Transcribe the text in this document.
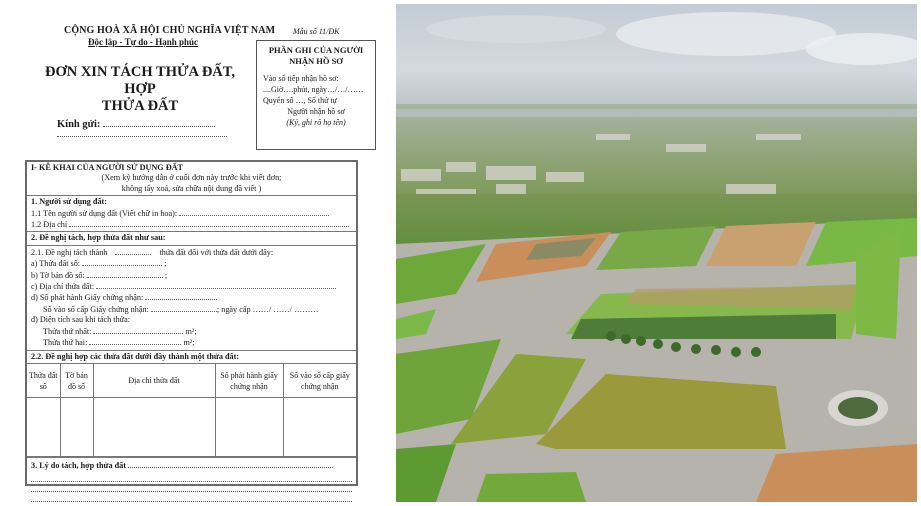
CỘNG HOÀ XÃ HỘI CHỦ NGHĨA VIỆT NAM
Độc lập - Tự do - Hạnh phúc
Mẫu số 11/ĐK
ĐƠN XIN TÁCH THỬA ĐẤT, HỢP
THỬA ĐẤT
Kính gửi:
PHẦN GHI CỦA NGƯỜI NHẬN HỒ SƠ
Vào sổ tiếp nhận hồ sơ:
....Giờ….phút, ngày…/…/……
Quyển số …, Số thứ tự
Người nhận hồ sơ
(Ký, ghi rõ họ tên)
I- KÊ KHAI CỦA NGƯỜI SỬ DỤNG ĐẤT
(Xem kỹ hướng dẫn ở cuối đơn này trước khi viết đơn;
không tẩy xoá, sửa chữa nội dung đã viết )
1. Người sử dụng đất:
1.1 Tên người sử dụng đất (Viết chữ in hoa):
1.2 Địa chỉ
2. Đề nghị tách, hợp thửa đất như sau:
2.1. Đề nghị tách thành	thửa đất đối với thửa đất dưới đây:
a) Thửa đất số:	;
b) Tờ bản đồ số:	;
c) Địa chỉ thửa đất:
d) Số phát hành Giấy chứng nhận:
Số vào sổ cấp Giấy chứng nhận:	; ngày cấp ……/ ……/ ………
đ) Diện tích sau khi tách thửa:
Thửa thứ nhất:	m²;
Thửa thứ hai:	m²;
2.2. Đề nghị hợp các thửa đất dưới đây thành một thửa đất:
Thửa đất số	Tờ bản đồ số	Địa chỉ thửa đất	Số phát hành giấy chứng nhận	Số vào sổ cấp giấy chứng nhận

3. Lý do tách, hợp thửa đất
